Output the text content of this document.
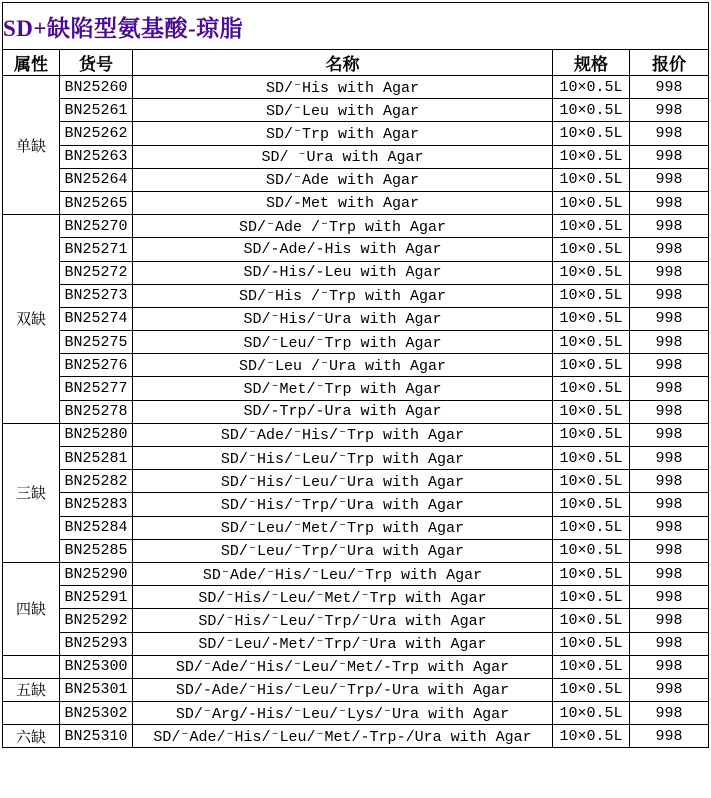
SD+缺陷型氨基酸-琼脂				
属性	货号	名称	规格	报价
单缺	BN25260	SD/⁻His with Agar	10×0.5L	998
	BN25261	SD/⁻Leu with Agar	10×0.5L	998
	BN25262	SD/⁻Trp with Agar	10×0.5L	998
	BN25263	SD/ ⁻Ura with Agar	10×0.5L	998
	BN25264	SD/⁻Ade with Agar	10×0.5L	998
	BN25265	SD/-Met with Agar	10×0.5L	998
双缺	BN25270	SD/⁻Ade /⁻Trp with Agar	10×0.5L	998
	BN25271	SD/-Ade/-His with Agar	10×0.5L	998
	BN25272	SD/-His/-Leu with Agar	10×0.5L	998
	BN25273	SD/⁻His /⁻Trp with Agar	10×0.5L	998
	BN25274	SD/⁻His/⁻Ura with Agar	10×0.5L	998
	BN25275	SD/⁻Leu/⁻Trp with Agar	10×0.5L	998
	BN25276	SD/⁻Leu /⁻Ura with Agar	10×0.5L	998
	BN25277	SD/⁻Met/⁻Trp with Agar	10×0.5L	998
	BN25278	SD/-Trp/-Ura with Agar	10×0.5L	998
三缺	BN25280	SD/⁻Ade/⁻His/⁻Trp with Agar	10×0.5L	998
	BN25281	SD/⁻His/⁻Leu/⁻Trp with Agar	10×0.5L	998
	BN25282	SD/⁻His/⁻Leu/⁻Ura with Agar	10×0.5L	998
	BN25283	SD/⁻His/⁻Trp/⁻Ura with Agar	10×0.5L	998
	BN25284	SD/⁻Leu/⁻Met/⁻Trp with Agar	10×0.5L	998
	BN25285	SD/⁻Leu/⁻Trp/⁻Ura with Agar	10×0.5L	998
四缺	BN25290	SD⁻Ade/⁻His/⁻Leu/⁻Trp with Agar	10×0.5L	998
	BN25291	SD/⁻His/⁻Leu/⁻Met/⁻Trp with Agar	10×0.5L	998
	BN25292	SD/⁻His/⁻Leu/⁻Trp/⁻Ura with Agar	10×0.5L	998
	BN25293	SD/⁻Leu/-Met/⁻Trp/⁻Ura with Agar	10×0.5L	998
	BN25300	SD/⁻Ade/⁻His/⁻Leu/⁻Met/-Trp with Agar	10×0.5L	998
五缺	BN25301	SD/-Ade/⁻His/⁻Leu/⁻Trp/-Ura with Agar	10×0.5L	998
	BN25302	SD/⁻Arg/-His/⁻Leu/⁻Lys/⁻Ura with Agar	10×0.5L	998
六缺	BN25310	SD/⁻Ade/⁻His/⁻Leu/⁻Met/-Trp-/Ura with Agar	10×0.5L	998
